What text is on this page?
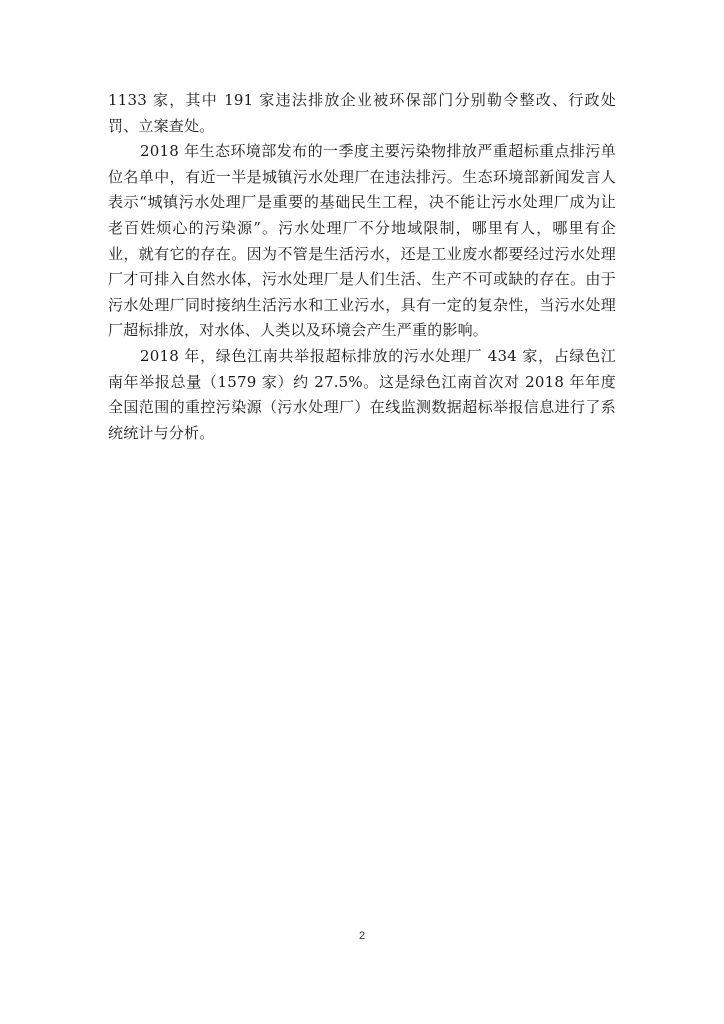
1133 家，其中 191 家违法排放企业被环保部门分别勒令整改、行政处罚、立案查处。

2018 年生态环境部发布的一季度主要污染物排放严重超标重点排污单位名单中，有近一半是城镇污水处理厂在违法排污。生态环境部新闻发言人表示“城镇污水处理厂是重要的基础民生工程，决不能让污水处理厂成为让老百姓烦心的污染源”。污水处理厂不分地域限制，哪里有人，哪里有企业，就有它的存在。因为不管是生活污水，还是工业废水都要经过污水处理厂才可排入自然水体，污水处理厂是人们生活、生产不可或缺的存在。由于污水处理厂同时接纳生活污水和工业污水，具有一定的复杂性，当污水处理厂超标排放，对水体、人类以及环境会产生严重的影响。

2018 年，绿色江南共举报超标排放的污水处理厂 434 家，占绿色江南年举报总量（1579 家）约 27.5%。这是绿色江南首次对 2018 年年度全国范围的重控污染源（污水处理厂）在线监测数据超标举报信息进行了系统统计与分析。

2
